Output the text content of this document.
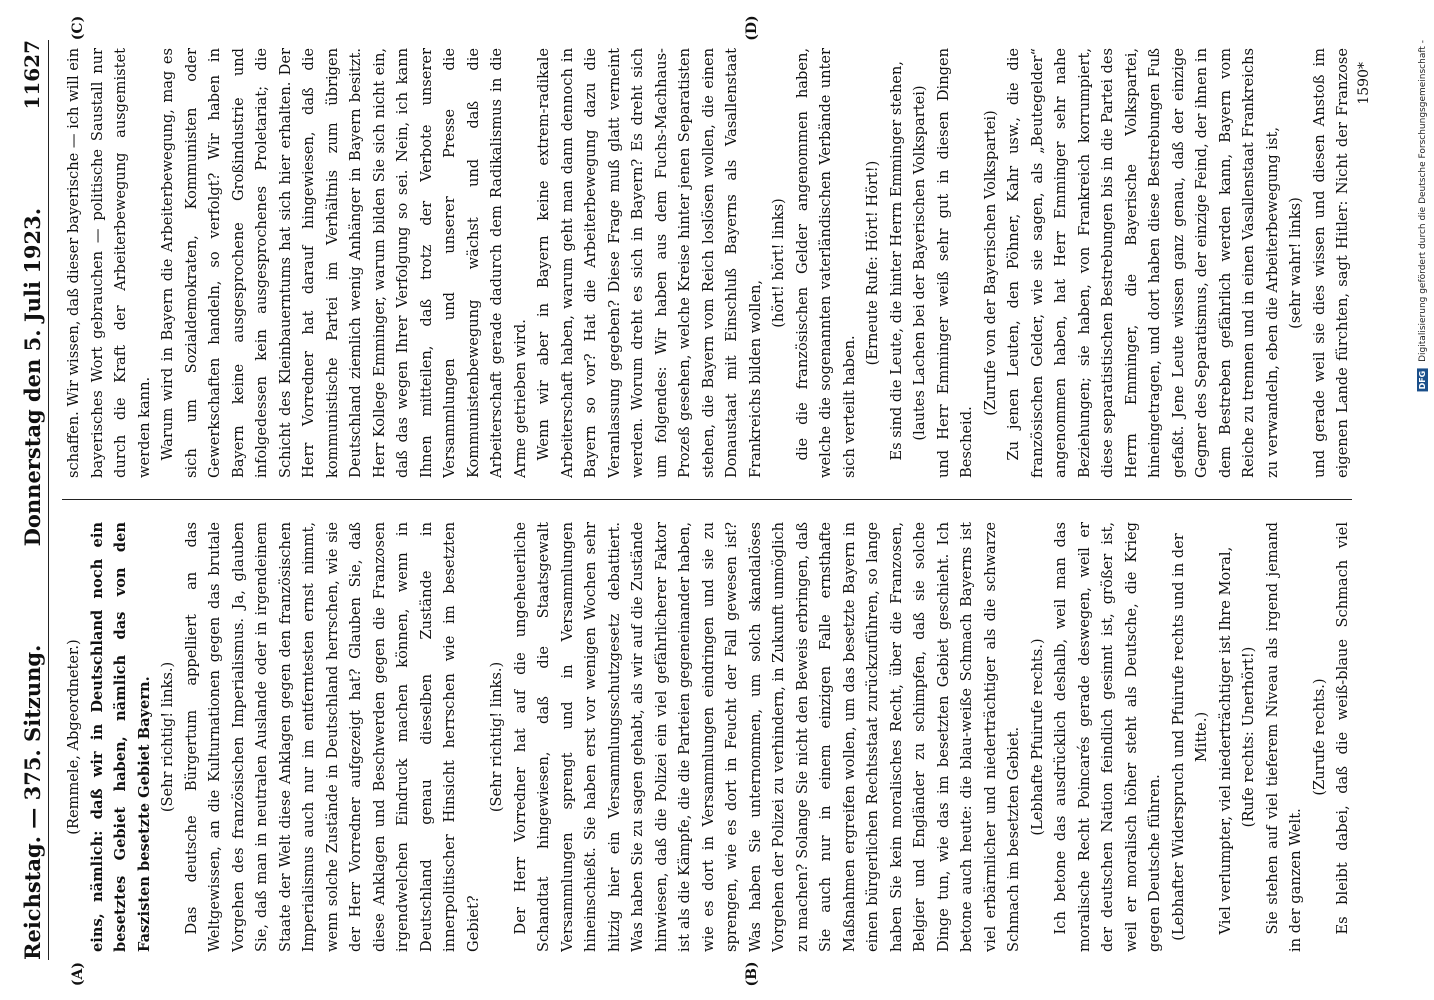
Reichstag. — 375. Sitzung.
Donnerstag den 5. Juli 1923.
11627

(Remmele, Abgeordneter.) eins, nämlich: daß wir in Deutschland noch ein besetztes Gebiet haben, nämlich das von den Faszisten besetzte Gebiet Bayern. (Sehr richtig! links.) Das deutsche Bürgertum appelliert an das Weltgewissen, an die Kulturnationen gegen das brutale Vorgehen des französischen Imperialismus. Ja, glauben Sie, daß man in neutralen Auslande oder in irgendeinem Staate der Welt diese Anklagen gegen den französischen Imperialismus auch nur im entferntesten ernst nimmt, wenn solche Zustände in Deutschland herrschen, wie sie der Herr Vorredner aufgezeigt hat? Glauben Sie, daß diese Anklagen und Beschwerden gegen die Franzosen irgendwelchen Eindruck machen können, wenn in Deutschland genau dieselben Zustände in innerpolitischer Hinsicht herrschen wie im besetzten Gebiet?

(Sehr richtig! links.) Der Herr Vorredner hat auf die ungeheuerliche Schandtat hingewiesen, daß die Staatsgewalt Versammlungen sprengt und in Versammlungen hineinschießt. Sie haben erst vor wenigen Wochen sehr hitzig hier ein Versammlungsschutzgesetz debattiert. Was haben Sie zu sagen gehabt, als wir auf die Zustände hinwiesen, daß die Polizei ein viel gefährlicherer Faktor ist als die Kämpfe, die die Parteien gegeneinander haben, wie es dort in Versammlungen eindringen und sie zu sprengen, wie es dort in Feucht der Fall gewesen ist? Was haben Sie unternommen, um solch skandalöses Vorgehen der Polizei zu verhindern, in Zukunft unmöglich zu machen? Solange Sie nicht den Beweis erbringen, daß Sie auch nur in einem einzigen Falle ernsthafte Maßnahmen ergreifen wollen, um das besetzte Bayern in einen bürgerlichen Rechtsstaat zurückzuführen, so lange haben Sie kein moralisches Recht, über die Franzosen, Belgier und Engländer zu schimpfen, daß sie solche Dinge tun, wie das im besetzten Gebiet geschieht. Ich betone auch heute: die blau-weiße Schmach Bayerns ist viel erbärmlicher und niederträchtiger als die schwarze Schmach im besetzten Gebiet. (Lebhafte Pfuirufe rechts.) Ich betone das ausdrücklich deshalb, weil man das moralische Recht Poincarés gerade deswegen, weil er der deutschen Nation feindlich gesinnt ist, größer ist, weil er moralisch höher steht als Deutsche, die Krieg gegen Deutsche führen. (Lebhafter Widerspruch und Pfuirufe rechts und in der Mitte.) Viel verlumpter, viel niederträchtiger ist Ihre Moral, (Rufe rechts: Unerhört!) Sie stehen auf viel tieferem Niveau als irgend jemand in der ganzen Welt.

(Zurufe rechts.)

Es bleibt dabei, daß die weiß-blaue Schmach viel

schaffen. Wir wissen, daß dieser bayerische — ich will ein bayerisches Wort gebrauchen — politische Saustall nur durch die Kraft der Arbeiterbewegung ausgemistet werden kann. Warum wird in Bayern die Arbeiterbewegung, mag es sich um Sozialdemokraten, Kommunisten oder Gewerkschaften handeln, so verfolgt? Wir haben in Bayern keine ausgesprochene Großindustrie und infolgedessen kein ausgesprochenes Proletariat; die Schicht des Kleinbauerntums hat sich hier erhalten. Der Herr Vorredner hat darauf hingewiesen, daß die kommunistische Partei im Verhältnis zum übrigen Deutschland ziemlich wenig Anhänger in Bayern besitzt. Herr Kollege Emminger, warum bilden Sie sich nicht ein, daß das wegen Ihrer Verfolgung so sei. Nein, ich kann Ihnen mitteilen, daß trotz der Verbote unserer Versammlungen und unserer Presse die Kommunistenbewegung wächst und daß die Arbeiterschaft gerade dadurch dem Radikalismus in die Arme getrieben wird. Wenn wir aber in Bayern keine extrem-radikale Arbeiterschaft haben, warum geht man dann dennoch in Bayern so vor? Hat die Arbeiterbewegung dazu die Veranlassung gegeben? Diese Frage muß glatt verneint werden. Worum dreht es sich in Bayern? Es dreht sich um folgendes: Wir haben aus dem Fuchs-Machhaus-Prozeß gesehen, welche Kreise hinter jenen Separatisten stehen, die Bayern vom Reich loslösen wollen, die einen Donaustaat mit Einschluß Bayerns als Vasallenstaat Frankreichs bilden wollen,

(hört! hört! links) die die französischen Gelder angenommen haben, welche die sogenannten vaterländischen Verbände unter sich verteilt haben.

(Erneute Rufe: Hört! Hört!) Es sind die Leute, die hinter Herrn Emminger stehen, (lautes Lachen bei der Bayerischen Volkspartei) und Herr Emminger weiß sehr gut in diesen Dingen Bescheid.

(Zurufe von der Bayerischen Volkspartei) Zu jenen Leuten, den Pöhner, Kahr usw., die die französischen Gelder, wie sie sagen, als „Beutegelder“ angenommen haben, hat Herr Emminger sehr nahe Beziehungen; sie haben, von Frankreich korrumpiert, diese separatistischen Bestrebungen bis in die Partei des Herrn Emminger, die Bayerische Volkspartei, hineingetragen, und dort haben diese Bestrebungen Fuß gefaßt. Jene Leute wissen ganz genau, daß der einzige Gegner des Separatismus, der einzige Feind, der ihnen in dem Bestreben gefährlich werden kann, Bayern vom Reiche zu trennen und in einen Vasallenstaat Frankreichs zu verwandeln, eben die Arbeiterbewegung ist, (sehr wahr! links)

und gerade weil sie dies wissen und diesen Anstoß im eigenen Lande fürchten, sagt Hitler: Nicht der Franzose

(A)	(B)
(C)	(D)
1590*
DFG Digitalisierung gefördert durch die Deutsche Forschungsgemeinschaft -
